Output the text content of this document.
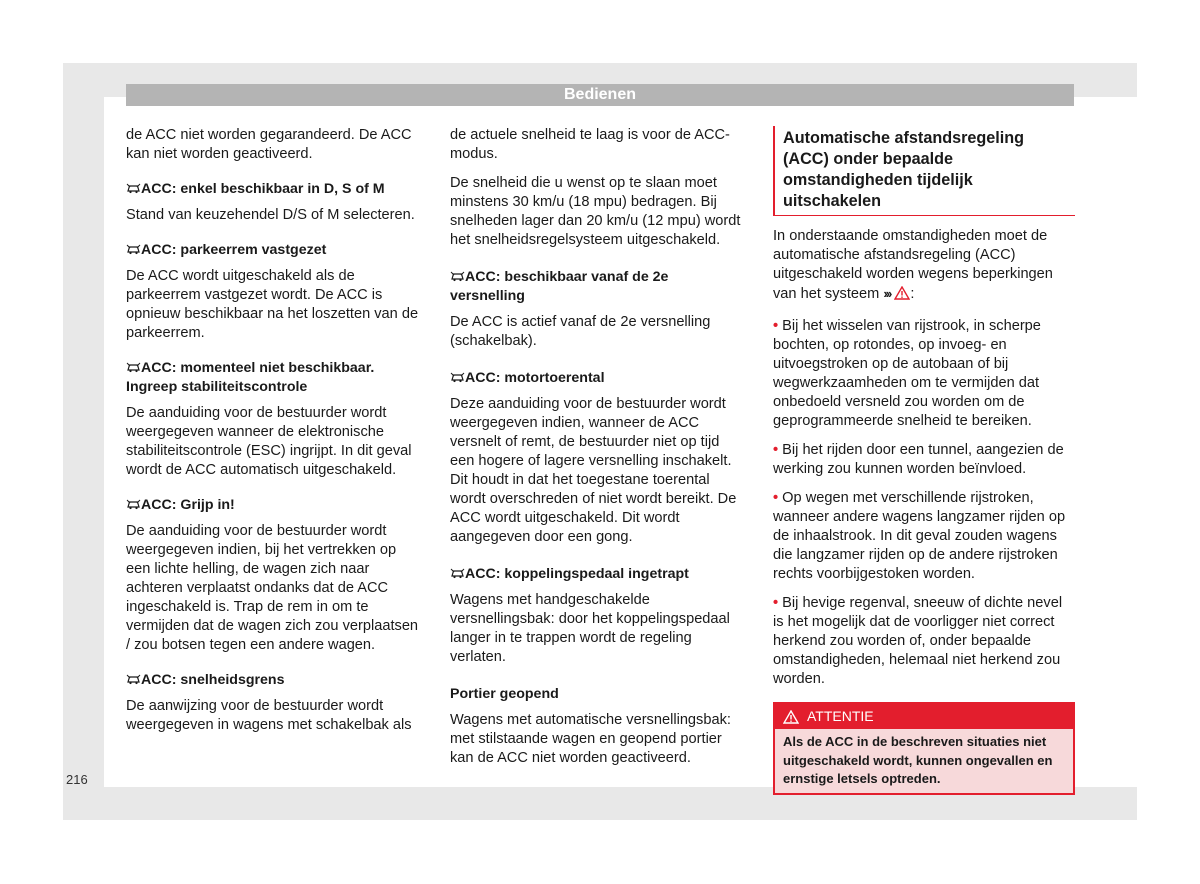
Bedienen

de ACC niet worden gegarandeerd. De ACC kan niet worden geactiveerd.

ACC: enkel beschikbaar in D, S of M

Stand van keuzehendel D/S of M selecteren.

ACC: parkeerrem vastgezet

De ACC wordt uitgeschakeld als de parkeerrem vastgezet wordt. De ACC is opnieuw beschikbaar na het loszetten van de parkeerrem.

ACC: momenteel niet beschikbaar. Ingreep stabiliteitscontrole

De aanduiding voor de bestuurder wordt weergegeven wanneer de elektronische stabiliteitscontrole (ESC) ingrijpt. In dit geval wordt de ACC automatisch uitgeschakeld.

ACC: Grijp in!

De aanduiding voor de bestuurder wordt weergegeven indien, bij het vertrekken op een lichte helling, de wagen zich naar achteren verplaatst ondanks dat de ACC ingeschakeld is. Trap de rem in om te vermijden dat de wagen zich zou verplaatsen / zou botsen tegen een andere wagen.

ACC: snelheidsgrens

De aanwijzing voor de bestuurder wordt weergegeven in wagens met schakelbak als

de actuele snelheid te laag is voor de ACC-modus.

De snelheid die u wenst op te slaan moet minstens 30 km/u (18 mpu) bedragen. Bij snelheden lager dan 20 km/u (12 mpu) wordt het snelheidsregelsysteem uitgeschakeld.

ACC: beschikbaar vanaf de 2e versnelling

De ACC is actief vanaf de 2e versnelling (schakelbak).

ACC: motortoerental

Deze aanduiding voor de bestuurder wordt weergegeven indien, wanneer de ACC versnelt of remt, de bestuurder niet op tijd een hogere of lagere versnelling inschakelt. Dit houdt in dat het toegestane toerental wordt overschreden of niet wordt bereikt. De ACC wordt uitgeschakeld. Dit wordt aangegeven door een gong.

ACC: koppelingspedaal ingetrapt

Wagens met handgeschakelde versnellingsbak: door het koppelingspedaal langer in te trappen wordt de regeling verlaten.

Portier geopend

Wagens met automatische versnellingsbak: met stilstaande wagen en geopend portier kan de ACC niet worden geactiveerd.

Automatische afstandsregeling (ACC) onder bepaalde omstandigheden tijdelijk uitschakelen

In onderstaande omstandigheden moet de automatische afstandsregeling (ACC) uitgeschakeld worden wegens beperkingen van het systeem ››› :

• Bij het wisselen van rijstrook, in scherpe bochten, op rotondes, op invoeg- en uitvoegstroken op de autobaan of bij wegwerkzaamheden om te vermijden dat onbedoeld versneld zou worden om de geprogrammeerde snelheid te bereiken.

• Bij het rijden door een tunnel, aangezien de werking zou kunnen worden beïnvloed.

• Op wegen met verschillende rijstroken, wanneer andere wagens langzamer rijden op de inhaalstrook. In dit geval zouden wagens die langzamer rijden op de andere rijstroken rechts voorbijgestoken worden.

• Bij hevige regenval, sneeuw of dichte nevel is het mogelijk dat de voorligger niet correct herkend zou worden of, onder bepaalde omstandigheden, helemaal niet herkend zou worden.

ATTENTIE
Als de ACC in de beschreven situaties niet uitgeschakeld wordt, kunnen ongevallen en ernstige letsels optreden.
216
